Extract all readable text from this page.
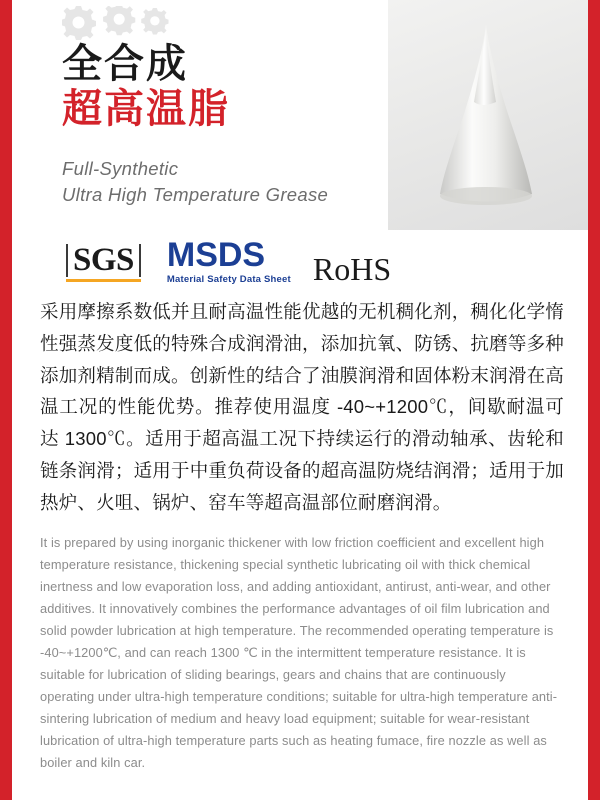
全合成
超高温脂
Full-Synthetic
Ultra High Temperature Grease
SGS MSDS
Material Safety Data Sheet RoHS
采用摩擦系数低并且耐高温性能优越的无机稠化剂，稠化化学惰性强蒸发度低的特殊合成润滑油，添加抗氧、防锈、抗磨等多种添加剂精制而成。创新性的结合了油膜润滑和固体粉末润滑在高温工况的性能优势。推荐使用温度 -40~+1200℃，间歇耐温可达 1300℃。适用于超高温工况下持续运行的滑动轴承、齿轮和链条润滑；适用于中重负荷设备的超高温防烧结润滑；适用于加热炉、火咀、锅炉、窑车等超高温部位耐磨润滑。
It is prepared by using inorganic thickener with low friction coefficient and excellent high temperature resistance, thickening special synthetic lubricating oil with thick chemical inertness and low evaporation loss, and adding antioxidant, antirust, anti-wear, and other additives. It innovatively combines the performance advantages of oil film lubrication and solid powder lubrication at high temperature. The recommended operating temperature is -40~+1200℃, and can reach 1300 ℃ in the intermittent temperature resistance. It is suitable for lubrication of sliding bearings, gears and chains that are continuously operating under ultra-high temperature conditions; suitable for ultra-high temperature anti-sintering lubrication of medium and heavy load equipment; suitable for wear-resistant lubrication of ultra-high temperature parts such as heating fumace, fire nozzle as well as boiler and kiln car.
